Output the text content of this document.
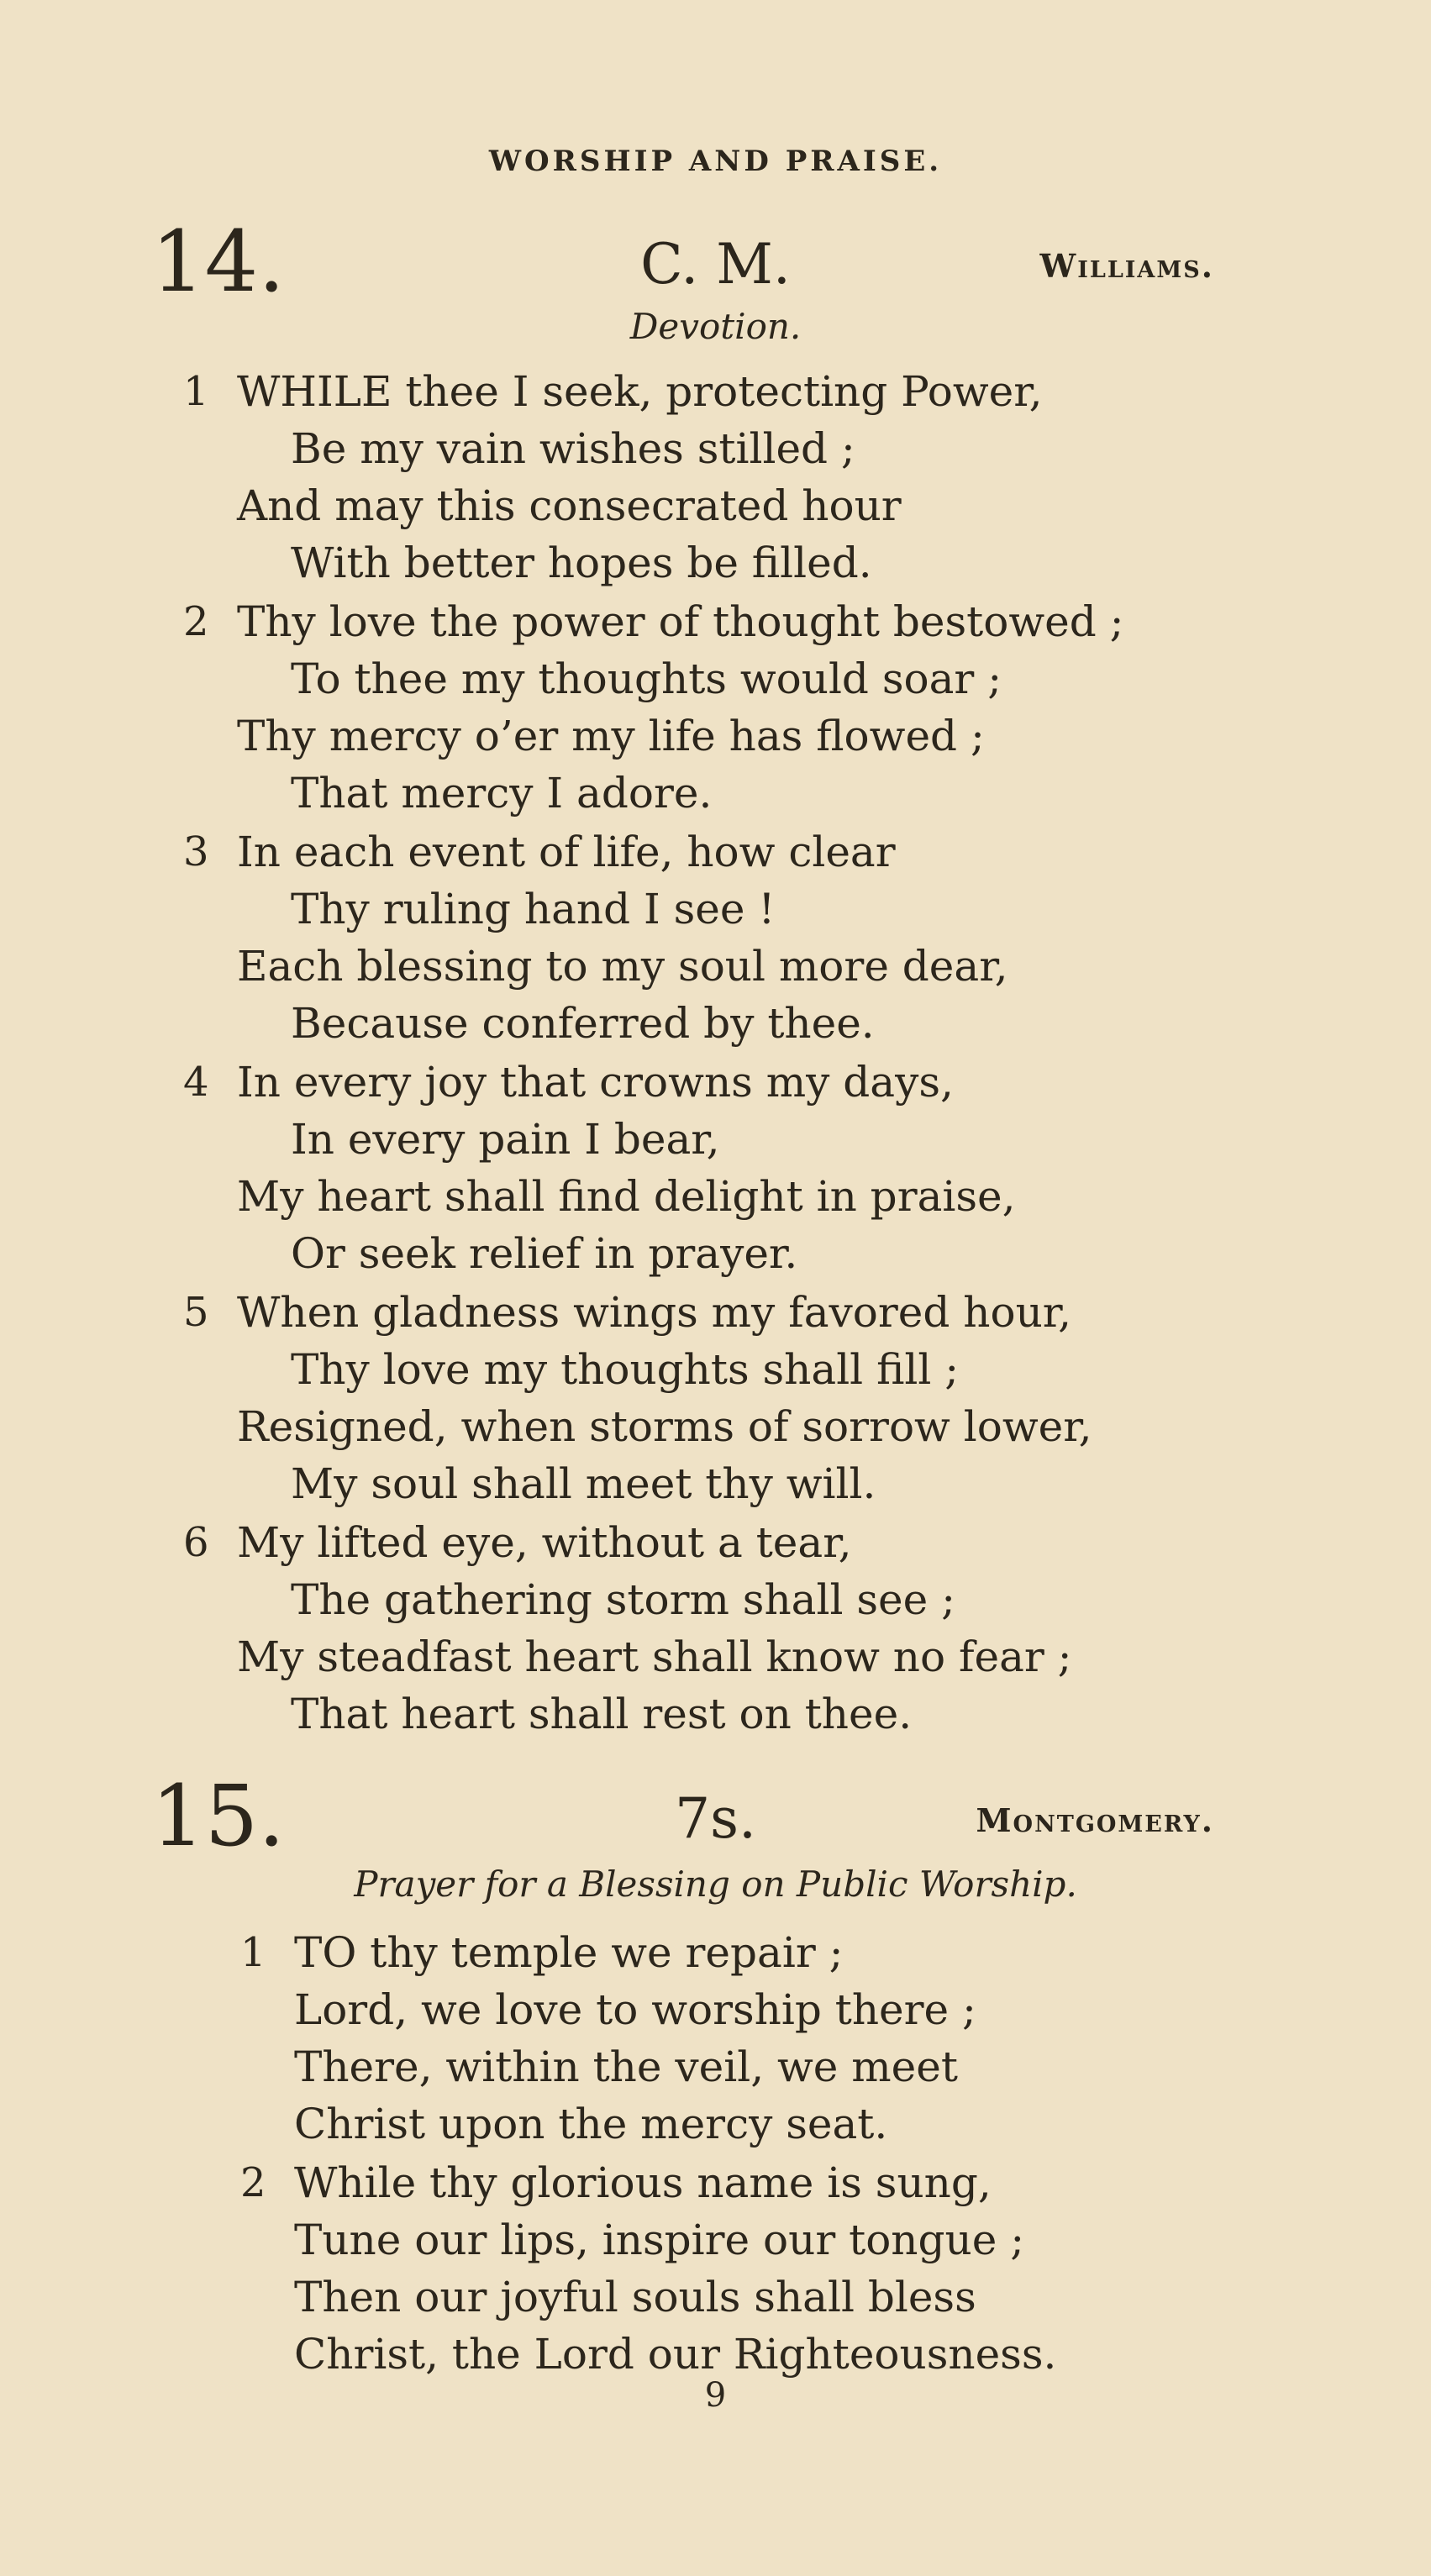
WORSHIP AND PRAISE.
14.	C. M.	Williams.
Devotion.
1 WHILE thee I seek, protecting Power,
Be my vain wishes stilled ;
And may this consecrated hour
With better hopes be filled.
2 Thy love the power of thought bestowed ;
To thee my thoughts would soar ;
Thy mercy o’er my life has flowed ;
That mercy I adore.
3 In each event of life, how clear
Thy ruling hand I see !
Each blessing to my soul more dear,
Because conferred by thee.
4 In every joy that crowns my days,
In every pain I bear,
My heart shall find delight in praise,
Or seek relief in prayer.
5 When gladness wings my favored hour,
Thy love my thoughts shall fill ;
Resigned, when storms of sorrow lower,
My soul shall meet thy will.
6 My lifted eye, without a tear,
The gathering storm shall see ;
My steadfast heart shall know no fear ;
That heart shall rest on thee.
15.	7s.	Montgomery.
Prayer for a Blessing on Public Worship.
1 TO thy temple we repair ;
Lord, we love to worship there ;
There, within the veil, we meet
Christ upon the mercy seat.
2 While thy glorious name is sung,
Tune our lips, inspire our tongue ;
Then our joyful souls shall bless
Christ, the Lord our Righteousness.
9
